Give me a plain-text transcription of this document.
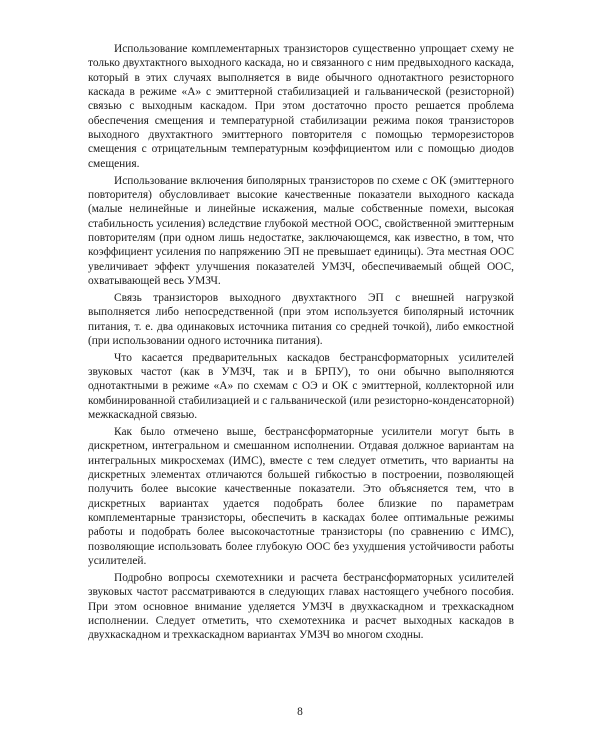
Использование комплементарных транзисторов существенно упрощает схему не только двухтактного выходного каскада, но и связанного с ним предвыходного каскада, который в этих случаях выполняется в виде обычного однотактного резисторного каскада в режиме «А» с эмиттерной стабилизацией и гальванической (резисторной) связью с выходным каскадом. При этом достаточно просто решается проблема обеспечения смещения и температурной стабилизации режима покоя транзисторов выходного двухтактного эмиттерного повторителя с помощью терморезисторов смещения с отрицательным температурным коэффициентом или с помощью диодов смещения.

Использование включения биполярных транзисторов по схеме с ОК (эмиттерного повторителя) обусловливает высокие качественные показатели выходного каскада (малые нелинейные и линейные искажения, малые собственные помехи, высокая стабильность усиления) вследствие глубокой местной ООС, свойственной эмиттерным повторителям (при одном лишь недостатке, заключающемся, как известно, в том, что коэффициент усиления по напряжению ЭП не превышает единицы). Эта местная ООС увеличивает эффект улучшения показателей УМЗЧ, обеспечиваемый общей ООС, охватывающей весь УМЗЧ.

Связь транзисторов выходного двухтактного ЭП с внешней нагрузкой выполняется либо непосредственной (при этом используется биполярный источник питания, т. е. два одинаковых источника питания со средней точкой), либо емкостной (при использовании одного источника питания).

Что касается предварительных каскадов бестрансформаторных усилителей звуковых частот (как в УМЗЧ, так и в БРПУ), то они обычно выполняются однотактными в режиме «А» по схемам с ОЭ и ОК с эмиттерной, коллекторной или комбинированной стабилизацией и с гальванической (или резисторно-конденсаторной) межкаскадной связью.

Как было отмечено выше, бестрансформаторные усилители могут быть в дискретном, интегральном и смешанном исполнении. Отдавая должное вариантам на интегральных микросхемах (ИМС), вместе с тем следует отметить, что варианты на дискретных элементах отличаются большей гибкостью в построении, позволяющей получить более высокие качественные показатели. Это объясняется тем, что в дискретных вариантах удается подобрать более близкие по параметрам комплементарные транзисторы, обеспечить в каскадах более оптимальные режимы работы и подобрать более высокочастотные транзисторы (по сравнению с ИМС), позволяющие использовать более глубокую ООС без ухудшения устойчивости работы усилителей.

Подробно вопросы схемотехники и расчета бестрансформаторных усилителей звуковых частот рассматриваются в следующих главах настоящего учебного пособия. При этом основное внимание уделяется УМЗЧ в двухкаскадном и трехкаскадном исполнении. Следует отметить, что схемотехника и расчет выходных каскадов в двухкаскадном и трехкаскадном вариантах УМЗЧ во многом сходны.

8
